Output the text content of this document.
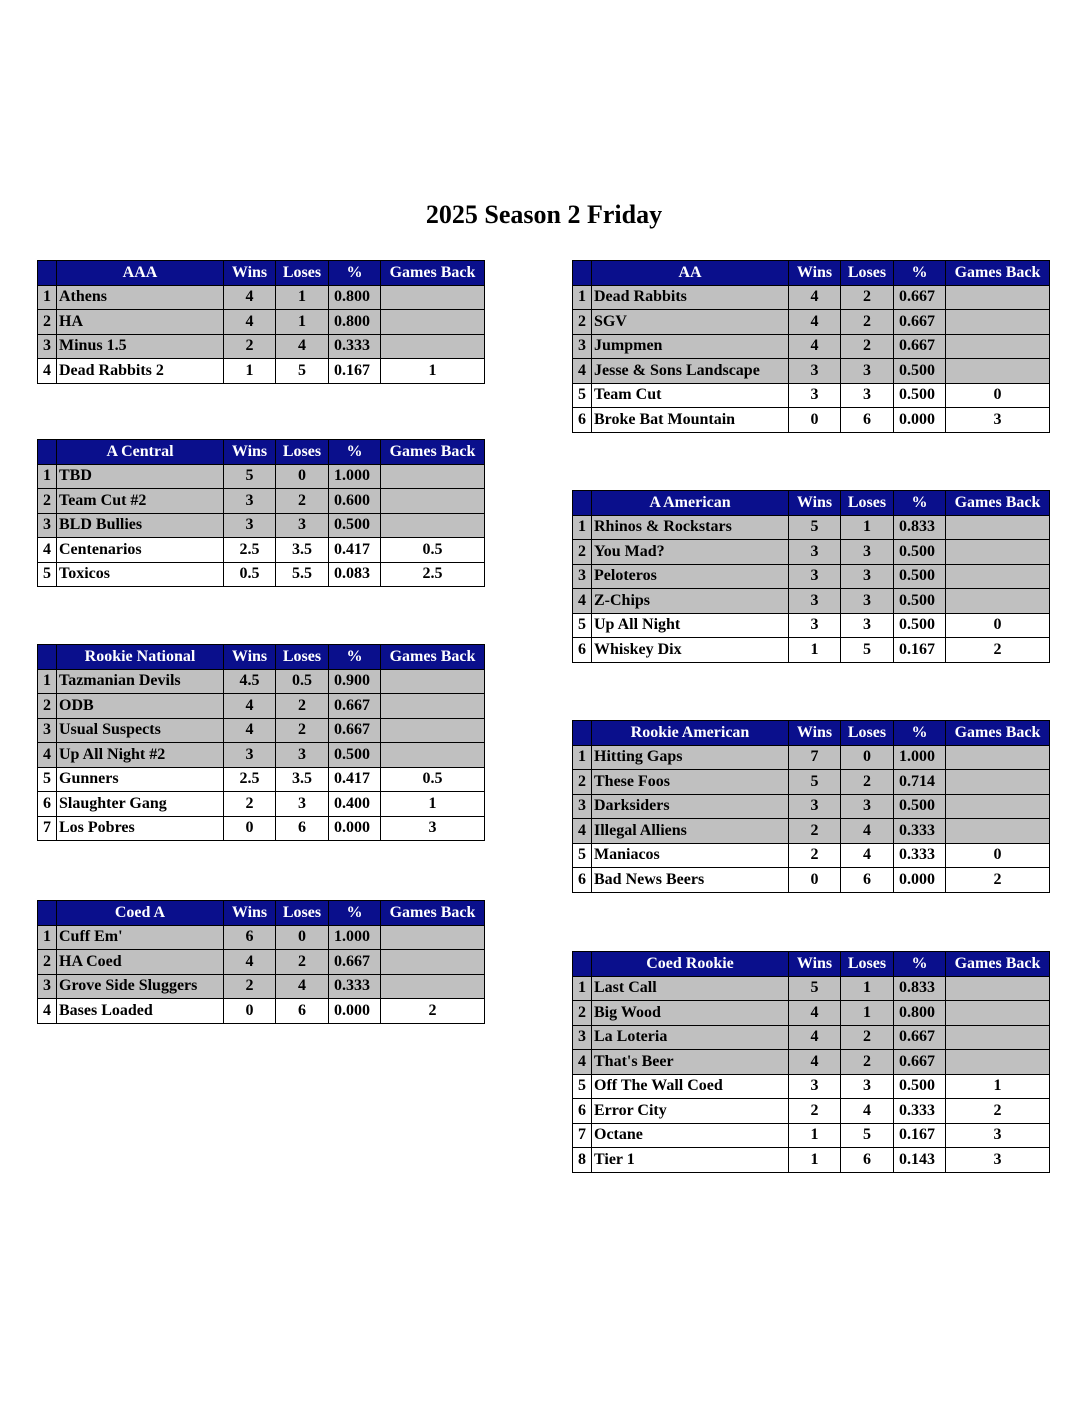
2025 Season 2 Friday
	AAA	Wins	Loses	%	Games Back
1	Athens	4	1	0.800	
2	HA	4	1	0.800	
3	Minus 1.5	2	4	0.333	
4	Dead Rabbits 2	1	5	0.167	1
	A Central	Wins	Loses	%	Games Back
1	TBD	5	0	1.000	
2	Team Cut #2	3	2	0.600	
3	BLD Bullies	3	3	0.500	
4	Centenarios	2.5	3.5	0.417	0.5
5	Toxicos	0.5	5.5	0.083	2.5
	Rookie National	Wins	Loses	%	Games Back
1	Tazmanian Devils	4.5	0.5	0.900	
2	ODB	4	2	0.667	
3	Usual Suspects	4	2	0.667	
4	Up All Night #2	3	3	0.500	
5	Gunners	2.5	3.5	0.417	0.5
6	Slaughter Gang	2	3	0.400	1
7	Los Pobres	0	6	0.000	3
	Coed A	Wins	Loses	%	Games Back
1	Cuff Em'	6	0	1.000	
2	HA Coed	4	2	0.667	
3	Grove Side Sluggers	2	4	0.333	
4	Bases Loaded	0	6	0.000	2
	AA	Wins	Loses	%	Games Back
1	Dead Rabbits	4	2	0.667	
2	SGV	4	2	0.667	
3	Jumpmen	4	2	0.667	
4	Jesse & Sons Landscape	3	3	0.500	
5	Team Cut	3	3	0.500	0
6	Broke Bat Mountain	0	6	0.000	3
	A American	Wins	Loses	%	Games Back
1	Rhinos & Rockstars	5	1	0.833	
2	You Mad?	3	3	0.500	
3	Peloteros	3	3	0.500	
4	Z-Chips	3	3	0.500	
5	Up All Night	3	3	0.500	0
6	Whiskey Dix	1	5	0.167	2
	Rookie American	Wins	Loses	%	Games Back
1	Hitting Gaps	7	0	1.000	
2	These Foos	5	2	0.714	
3	Darksiders	3	3	0.500	
4	Illegal Alliens	2	4	0.333	
5	Maniacos	2	4	0.333	0
6	Bad News Beers	0	6	0.000	2
	Coed Rookie	Wins	Loses	%	Games Back
1	Last Call	5	1	0.833	
2	Big Wood	4	1	0.800	
3	La Loteria	4	2	0.667	
4	That's Beer	4	2	0.667	
5	Off The Wall Coed	3	3	0.500	1
6	Error City	2	4	0.333	2
7	Octane	1	5	0.167	3
8	Tier 1	1	6	0.143	3
